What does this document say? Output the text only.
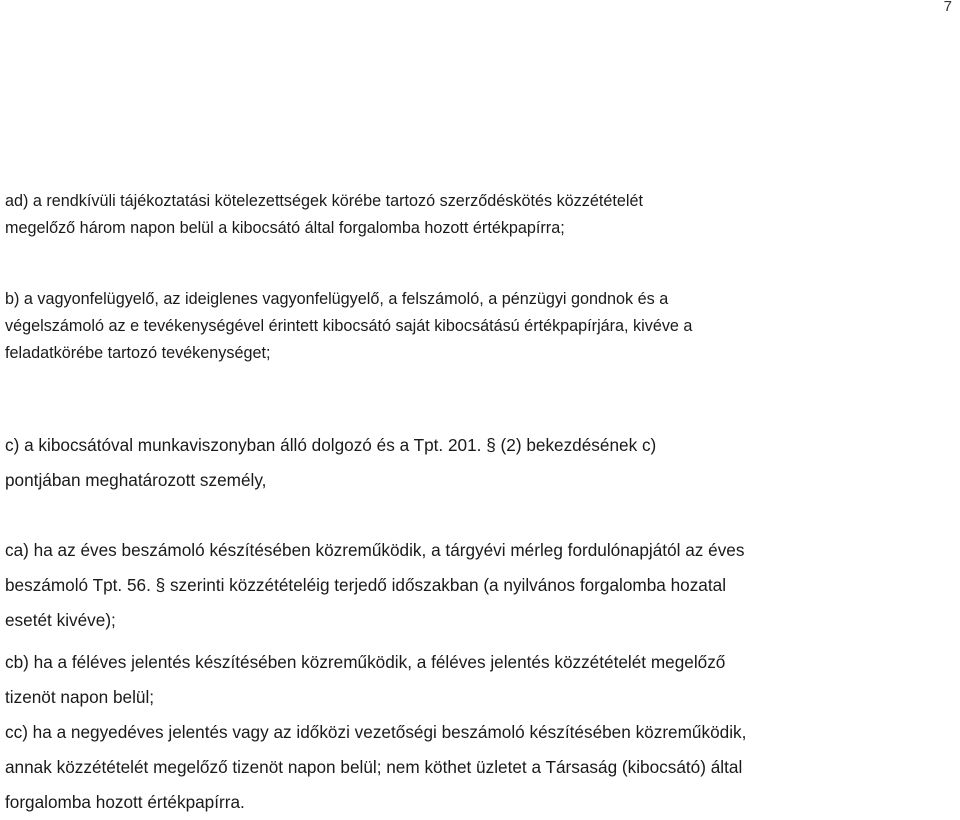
7
ad) a rendkívüli tájékoztatási kötelezettségek körébe tartozó szerződéskötés közzétételét
megelőző három napon belül a kibocsátó által forgalomba hozott értékpapírra;
b) a vagyonfelügyelő, az ideiglenes vagyonfelügyelő, a felszámoló, a pénzügyi gondnok és a
végelszámoló az e tevékenységével érintett kibocsátó saját kibocsátású értékpapírjára, kivéve a
feladatkörébe tartozó tevékenységet;
c) a kibocsátóval munkaviszonyban álló dolgozó és a Tpt. 201. § (2) bekezdésének c)
pontjában meghatározott személy,
ca) ha az éves beszámoló készítésében közreműködik, a tárgyévi mérleg fordulónapjától az éves
beszámoló Tpt. 56. § szerinti közzétételéig terjedő időszakban (a nyilvános forgalomba hozatal
esetét kivéve);
cb) ha a féléves jelentés készítésében közreműködik, a féléves jelentés közzétételét megelőző
tizenöt napon belül;
cc) ha a negyedéves jelentés vagy az időközi vezetőségi beszámoló készítésében közreműködik,
annak közzétételét megelőző tizenöt napon belül; nem köthet üzletet a Társaság (kibocsátó) által
forgalomba hozott értékpapírra.
